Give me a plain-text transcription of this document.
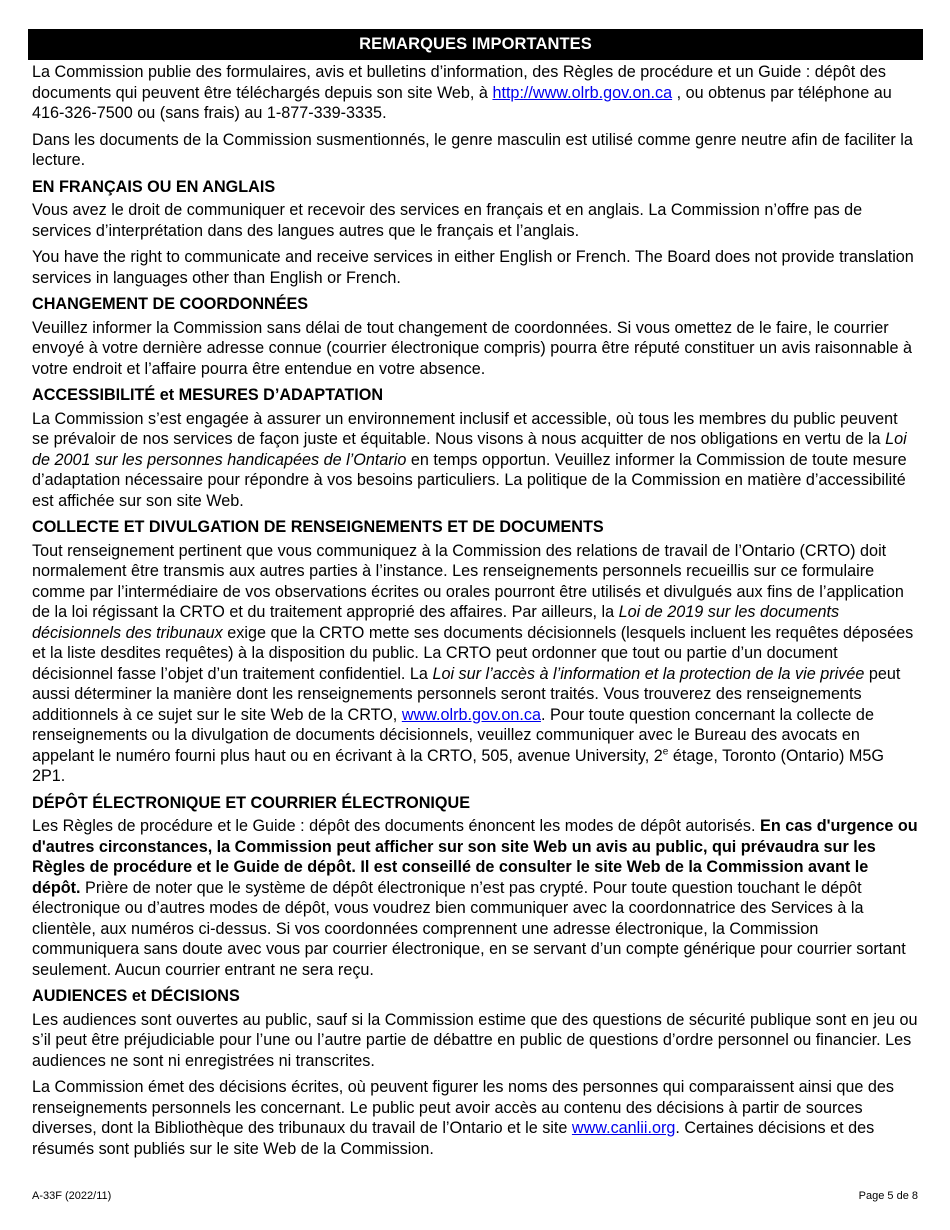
REMARQUES IMPORTANTES

La Commission publie des formulaires, avis et bulletins d’information, des Règles de procédure et un Guide : dépôt des documents qui peuvent être téléchargés depuis son site Web, à http://www.olrb.gov.on.ca , ou obtenus par téléphone au 416-326-7500 ou (sans frais) au 1-877-339-3335.

Dans les documents de la Commission susmentionnés, le genre masculin est utilisé comme genre neutre afin de faciliter la lecture.

EN FRANÇAIS OU EN ANGLAIS

Vous avez le droit de communiquer et recevoir des services en français et en anglais. La Commission n’offre pas de services d’interprétation dans des langues autres que le français et l’anglais.

You have the right to communicate and receive services in either English or French. The Board does not provide translation services in languages other than English or French.

CHANGEMENT DE COORDONNÉES

Veuillez informer la Commission sans délai de tout changement de coordonnées. Si vous omettez de le faire, le courrier envoyé à votre dernière adresse connue (courrier électronique compris) pourra être réputé constituer un avis raisonnable à votre endroit et l’affaire pourra être entendue en votre absence.

ACCESSIBILITÉ et MESURES D’ADAPTATION

La Commission s’est engagée à assurer un environnement inclusif et accessible, où tous les membres du public peuvent se prévaloir de nos services de façon juste et équitable. Nous visons à nous acquitter de nos obligations en vertu de la Loi de 2001 sur les personnes handicapées de l’Ontario en temps opportun. Veuillez informer la Commission de toute mesure d’adaptation nécessaire pour répondre à vos besoins particuliers. La politique de la Commission en matière d’accessibilité est affichée sur son site Web.

COLLECTE ET DIVULGATION DE RENSEIGNEMENTS ET DE DOCUMENTS

Tout renseignement pertinent que vous communiquez à la Commission des relations de travail de l’Ontario (CRTO) doit normalement être transmis aux autres parties à l’instance. Les renseignements personnels recueillis sur ce formulaire comme par l’intermédiaire de vos observations écrites ou orales pourront être utilisés et divulgués aux fins de l’application de la loi régissant la CRTO et du traitement approprié des affaires. Par ailleurs, la Loi de 2019 sur les documents décisionnels des tribunaux exige que la CRTO mette ses documents décisionnels (lesquels incluent les requêtes déposées et la liste desdites requêtes) à la disposition du public. La CRTO peut ordonner que tout ou partie d’un document décisionnel fasse l’objet d’un traitement confidentiel. La Loi sur l’accès à l’information et la protection de la vie privée peut aussi déterminer la manière dont les renseignements personnels seront traités. Vous trouverez des renseignements additionnels à ce sujet sur le site Web de la CRTO, www.olrb.gov.on.ca. Pour toute question concernant la collecte de renseignements ou la divulgation de documents décisionnels, veuillez communiquer avec le Bureau des avocats en appelant le numéro fourni plus haut ou en écrivant à la CRTO, 505, avenue University, 2e étage, Toronto (Ontario) M5G 2P1.

DÉPÔT ÉLECTRONIQUE ET COURRIER ÉLECTRONIQUE

Les Règles de procédure et le Guide : dépôt des documents énoncent les modes de dépôt autorisés. En cas d'urgence ou d'autres circonstances, la Commission peut afficher sur son site Web un avis au public, qui prévaudra sur les Règles de procédure et le Guide de dépôt. Il est conseillé de consulter le site Web de la Commission avant le dépôt. Prière de noter que le système de dépôt électronique n’est pas crypté. Pour toute question touchant le dépôt électronique ou d’autres modes de dépôt, vous voudrez bien communiquer avec la coordonnatrice des Services à la clientèle, aux numéros ci-dessus. Si vos coordonnées comprennent une adresse électronique, la Commission communiquera sans doute avec vous par courrier électronique, en se servant d’un compte générique pour courrier sortant seulement. Aucun courrier entrant ne sera reçu.

AUDIENCES et DÉCISIONS

Les audiences sont ouvertes au public, sauf si la Commission estime que des questions de sécurité publique sont en jeu ou s’il peut être préjudiciable pour l’une ou l’autre partie de débattre en public de questions d’ordre personnel ou financier. Les audiences ne sont ni enregistrées ni transcrites.

La Commission émet des décisions écrites, où peuvent figurer les noms des personnes qui comparaissent ainsi que des renseignements personnels les concernant. Le public peut avoir accès au contenu des décisions à partir de sources diverses, dont la Bibliothèque des tribunaux du travail de l’Ontario et le site www.canlii.org. Certaines décisions et des résumés sont publiés sur le site Web de la Commission.

A-33F (2022/11)	Page 5 de 8
